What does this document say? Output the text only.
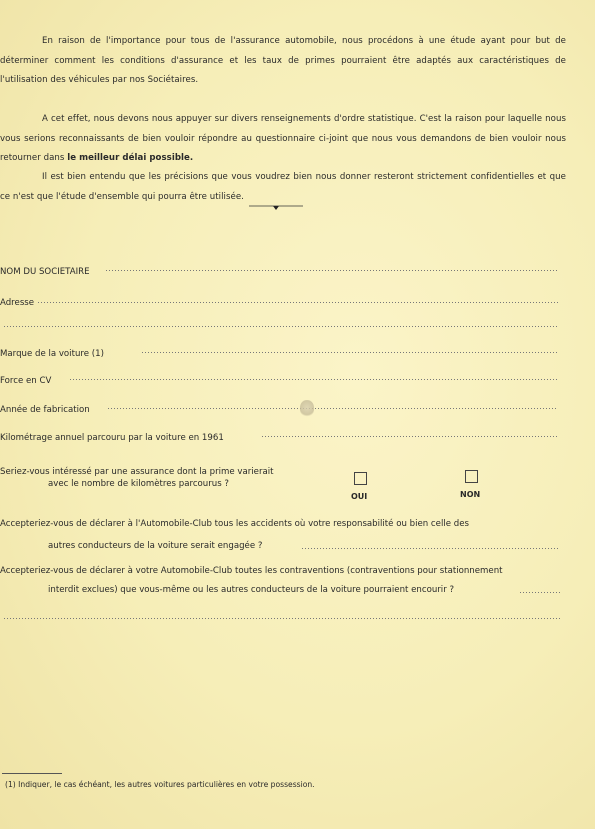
En raison de l'importance pour tous de l'assurance automobile, nous procédons à une étude ayant pour but de déterminer comment les conditions d'assurance et les taux de primes pourraient être adaptés aux caractéristiques de l'utilisation des véhicules par nos Sociétaires.

A cet effet, nous devons nous appuyer sur divers renseignements d'ordre statistique. C'est la raison pour laquelle nous vous serions reconnaissants de bien vouloir répondre au questionnaire ci-joint que nous vous demandons de bien vouloir nous retourner dans le meilleur délai possible.

Il est bien entendu que les précisions que vous voudrez bien nous donner resteront strictement confidentielles et que ce n'est que l'étude d'ensemble qui pourra être utilisée.

NOM DU SOCIETAIRE
Adresse
Marque de la voiture (1)
Force en CV
Année de fabrication
Kilométrage annuel parcouru par la voiture en 1961
Seriez-vous intéressé par une assurance dont la prime varierait
avec le nombre de kilomètres parcourus ?
OUI	NON
Accepteriez-vous de déclarer à l'Automobile-Club tous les accidents où votre responsabilité ou bien celle des
autres conducteurs de la voiture serait engagée ?
Accepteriez-vous de déclarer à votre Automobile-Club toutes les contraventions (contraventions pour stationnement
interdit exclues) que vous-même ou les autres conducteurs de la voiture pourraient encourir ?
(1) Indiquer, le cas échéant, les autres voitures particulières en votre possession.
